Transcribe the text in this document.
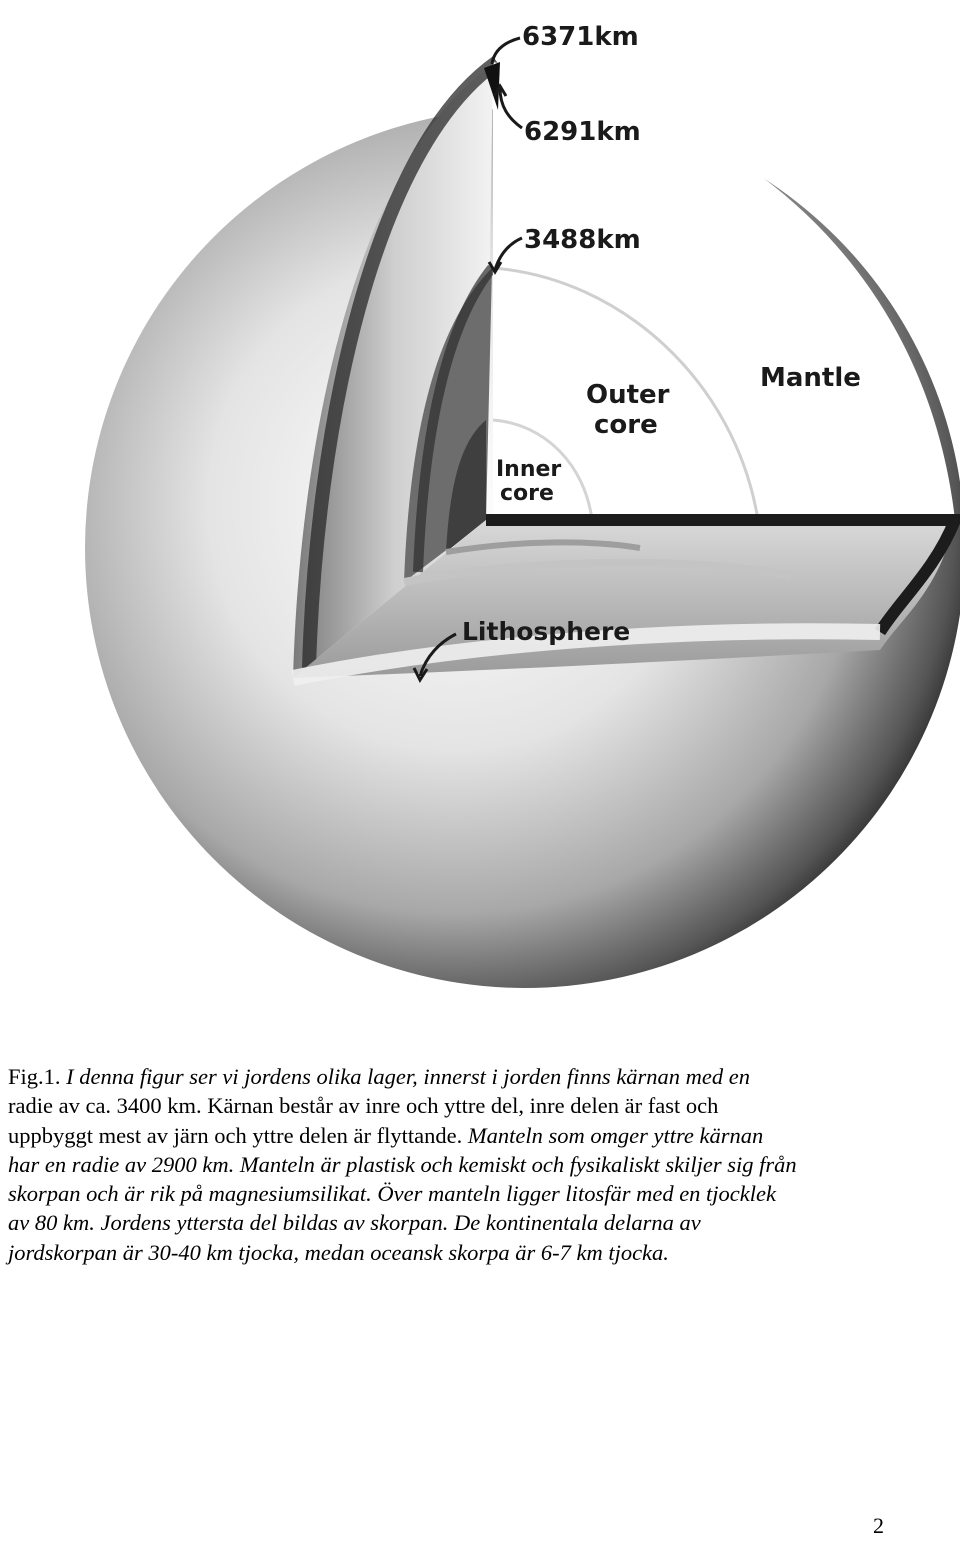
6371km
6291km
3488km
Mantle
Outer
core
Inner
core
Lithosphere

Fig.1. I denna figur ser vi jordens olika lager, innerst i jorden finns kärnan med en
radie av ca. 3400 km. Kärnan består av inre och yttre del, inre delen är fast och
uppbyggt mest av järn och yttre delen är flyttande. Manteln som omger yttre kärnan
har en radie av 2900 km. Manteln är plastisk och kemiskt och fysikaliskt skiljer sig från
skorpan och är rik på magnesiumsilikat. Över manteln ligger litosfär med en tjocklek
av 80 km. Jordens yttersta del bildas av skorpan. De kontinentala delarna av
jordskorpan är 30-40 km tjocka, medan oceansk skorpa är 6-7 km tjocka.

2
